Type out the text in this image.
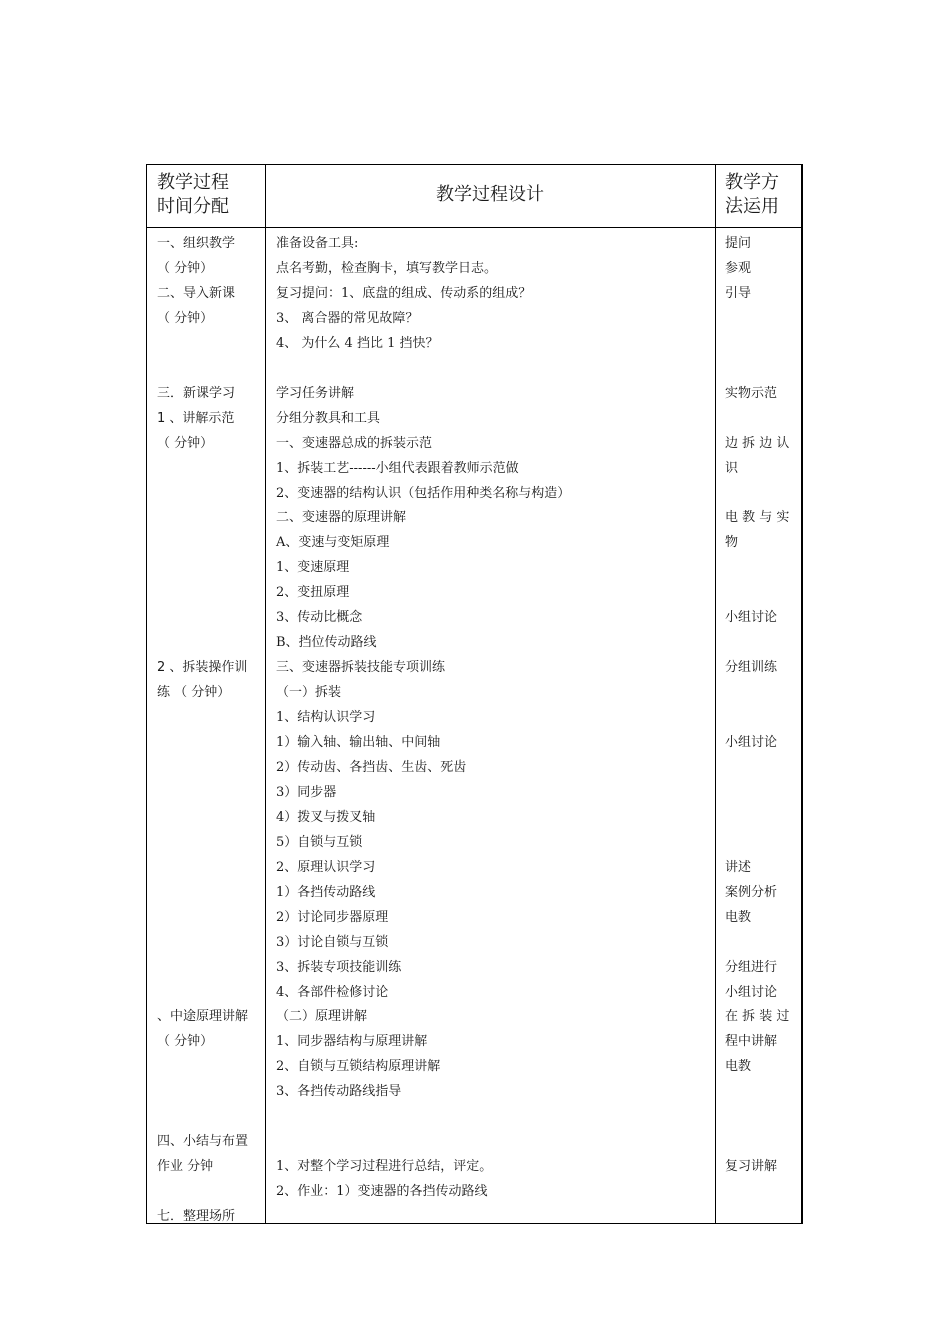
教学过程
时间分配
教学过程设计
教学方
法运用
一、组织教学
（ 分钟）
二、导入新课
（ 分钟）
三．新课学习
1 、讲解示范
（ 分钟）
2 、拆装操作训
练 （ 分钟）
、中途原理讲解
（ 分钟）
四、小结与布置
作业 分钟
七．整理场所
准备设备工具:
点名考勤，检查胸卡，填写教学日志。
复习提问：1、底盘的组成、传动系的组成？
3、 离合器的常见故障？
4、 为什么 4 挡比 1 挡快？
学习任务讲解
分组分教具和工具
一、变速器总成的拆装示范
1、拆装工艺------小组代表跟着教师示范做
2、变速器的结构认识（包括作用种类名称与构造）
二、变速器的原理讲解
A、变速与变矩原理
1、变速原理
2、变扭原理
3、传动比概念
B、挡位传动路线
三、变速器拆装技能专项训练
（一）拆装
1、结构认识学习
1）输入轴、输出轴、中间轴
2）传动齿、各挡齿、生齿、死齿
3）同步器
4）拨叉与拨叉轴
5）自锁与互锁
2、原理认识学习
1）各挡传动路线
2）讨论同步器原理
3）讨论自锁与互锁
3、拆装专项技能训练
4、各部件检修讨论
（二）原理讲解
1、同步器结构与原理讲解
2、自锁与互锁结构原理讲解
3、各挡传动路线指导
1、对整个学习过程进行总结，评定。
2、作业：1）变速器的各挡传动路线
提问
参观
引导
实物示范
边 拆 边 认
识
电 教 与 实
物
小组讨论
分组训练
小组讨论
讲述
案例分析
电教
分组进行
小组讨论
在 拆 装 过
程中讲解
电教
复习讲解
